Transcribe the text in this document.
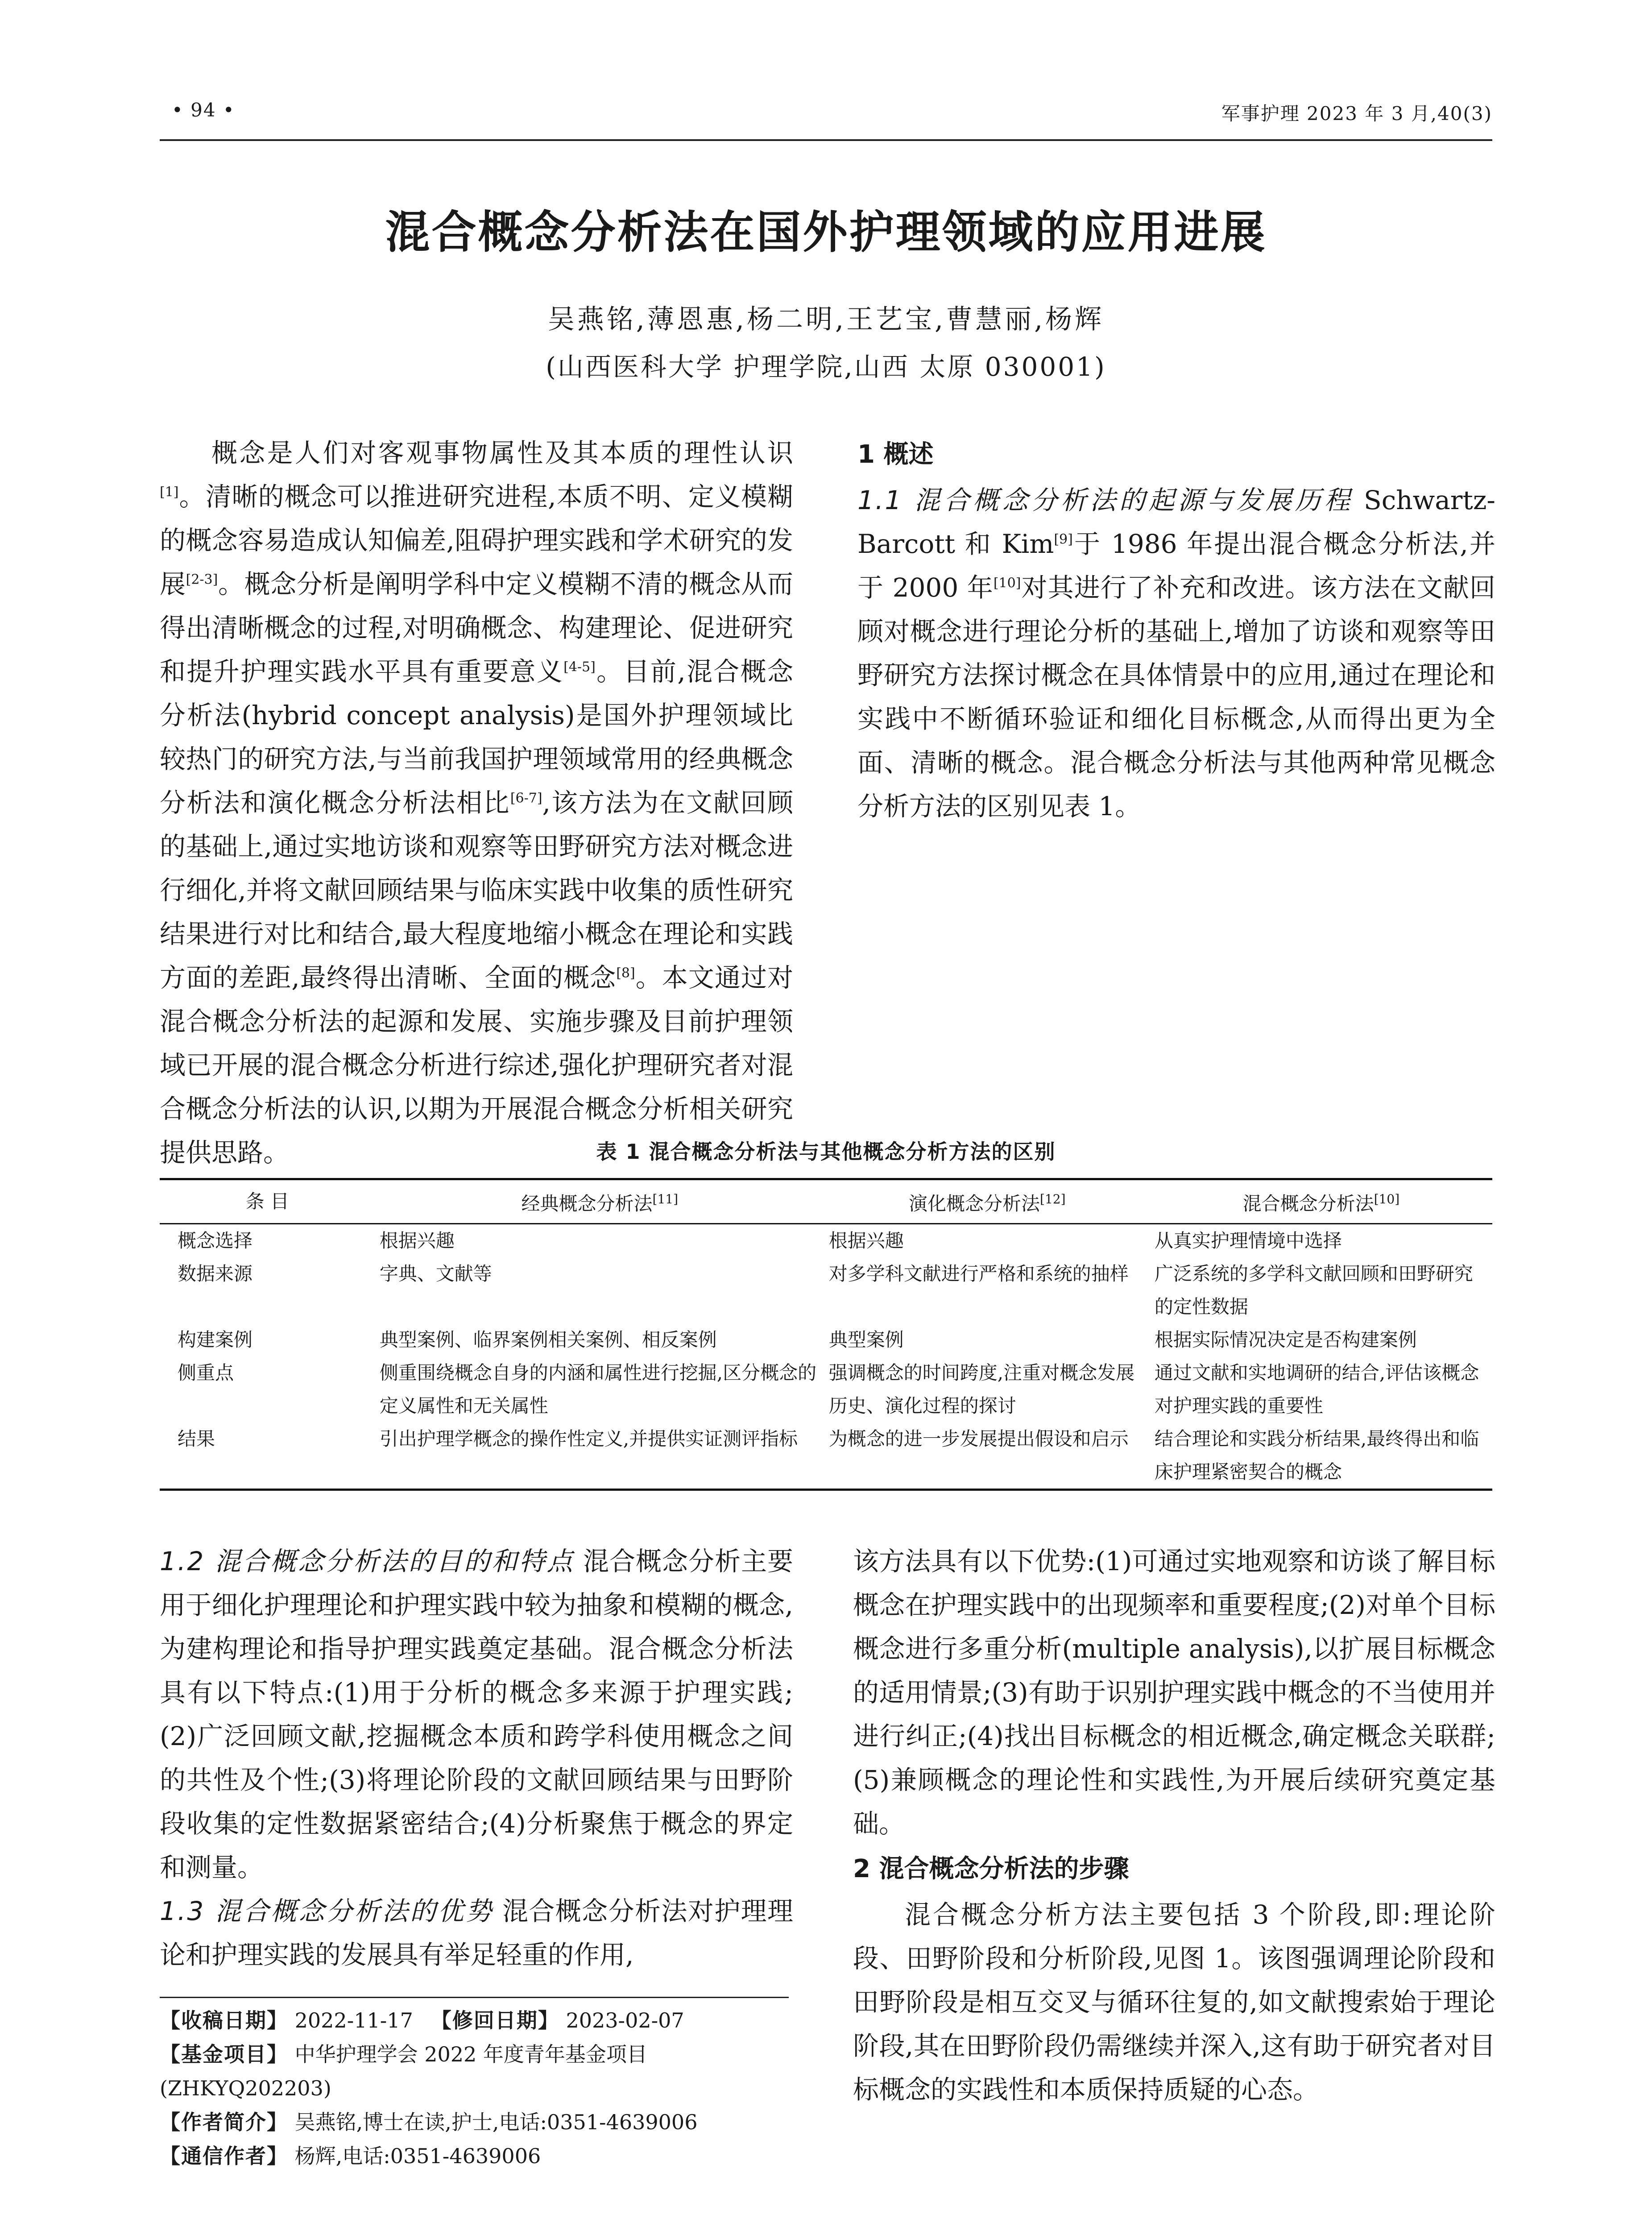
• 94 •	军事护理 2023 年 3 月,40(3)
混合概念分析法在国外护理领域的应用进展
吴燕铭,薄恩惠,杨二明,王艺宝,曹慧丽,杨辉
(山西医科大学 护理学院,山西 太原 030001)

概念是人们对客观事物属性及其本质的理性认识[1]。清晰的概念可以推进研究进程,本质不明、定义模糊的概念容易造成认知偏差,阻碍护理实践和学术研究的发展[2-3]。概念分析是阐明学科中定义模糊不清的概念从而得出清晰概念的过程,对明确概念、构建理论、促进研究和提升护理实践水平具有重要意义[4-5]。目前,混合概念分析法(hybrid concept analysis)是国外护理领域比较热门的研究方法,与当前我国护理领域常用的经典概念分析法和演化概念分析法相比[6-7],该方法为在文献回顾的基础上,通过实地访谈和观察等田野研究方法对概念进行细化,并将文献回顾结果与临床实践中收集的质性研究结果进行对比和结合,最大程度地缩小概念在理论和实践方面的差距,最终得出清晰、全面的概念[8]。本文通过对混合概念分析法的起源和发展、实施步骤及目前护理领域已开展的混合概念分析进行综述,强化护理研究者对混合概念分析法的认识,以期为开展混合概念分析相关研究提供思路。

1 概述

1.1 混合概念分析法的起源与发展历程 Schwartz-Barcott 和 Kim[9]于 1986 年提出混合概念分析法,并于 2000 年[10]对其进行了补充和改进。该方法在文献回顾对概念进行理论分析的基础上,增加了访谈和观察等田野研究方法探讨概念在具体情景中的应用,通过在理论和实践中不断循环验证和细化目标概念,从而得出更为全面、清晰的概念。混合概念分析法与其他两种常见概念分析方法的区别见表 1。

表 1 混合概念分析法与其他概念分析方法的区别
条 目	经典概念分析法[11]	演化概念分析法[12]	混合概念分析法[10]
概念选择	根据兴趣	根据兴趣	从真实护理情境中选择
数据来源	字典、文献等	对多学科文献进行严格和系统的抽样	广泛系统的多学科文献回顾和田野研究的定性数据
构建案例	典型案例、临界案例相关案例、相反案例	典型案例	根据实际情况决定是否构建案例
侧重点	侧重围绕概念自身的内涵和属性进行挖掘,区分概念的定义属性和无关属性	强调概念的时间跨度,注重对概念发展历史、演化过程的探讨	通过文献和实地调研的结合,评估该概念对护理实践的重要性
结果	引出护理学概念的操作性定义,并提供实证测评指标	为概念的进一步发展提出假设和启示	结合理论和实践分析结果,最终得出和临床护理紧密契合的概念

1.2 混合概念分析法的目的和特点 混合概念分析主要用于细化护理理论和护理实践中较为抽象和模糊的概念,为建构理论和指导护理实践奠定基础。混合概念分析法具有以下特点:(1)用于分析的概念多来源于护理实践;(2)广泛回顾文献,挖掘概念本质和跨学科使用概念之间的共性及个性;(3)将理论阶段的文献回顾结果与田野阶段收集的定性数据紧密结合;(4)分析聚焦于概念的界定和测量。

1.3 混合概念分析法的优势 混合概念分析法对护理理论和护理实践的发展具有举足轻重的作用,

该方法具有以下优势:(1)可通过实地观察和访谈了解目标概念在护理实践中的出现频率和重要程度;(2)对单个目标概念进行多重分析(multiple analysis),以扩展目标概念的适用情景;(3)有助于识别护理实践中概念的不当使用并进行纠正;(4)找出目标概念的相近概念,确定概念关联群;(5)兼顾概念的理论性和实践性,为开展后续研究奠定基础。

2 混合概念分析法的步骤

混合概念分析方法主要包括 3 个阶段,即:理论阶段、田野阶段和分析阶段,见图 1。该图强调理论阶段和田野阶段是相互交叉与循环往复的,如文献搜索始于理论阶段,其在田野阶段仍需继续并深入,这有助于研究者对目标概念的实践性和本质保持质疑的心态。

【收稿日期】 2022-11-17 【修回日期】 2023-02-07
【基金项目】 中华护理学会 2022 年度青年基金项目(ZHKYQ202203)
【作者简介】 吴燕铭,博士在读,护士,电话:0351-4639006
【通信作者】 杨辉,电话:0351-4639006
